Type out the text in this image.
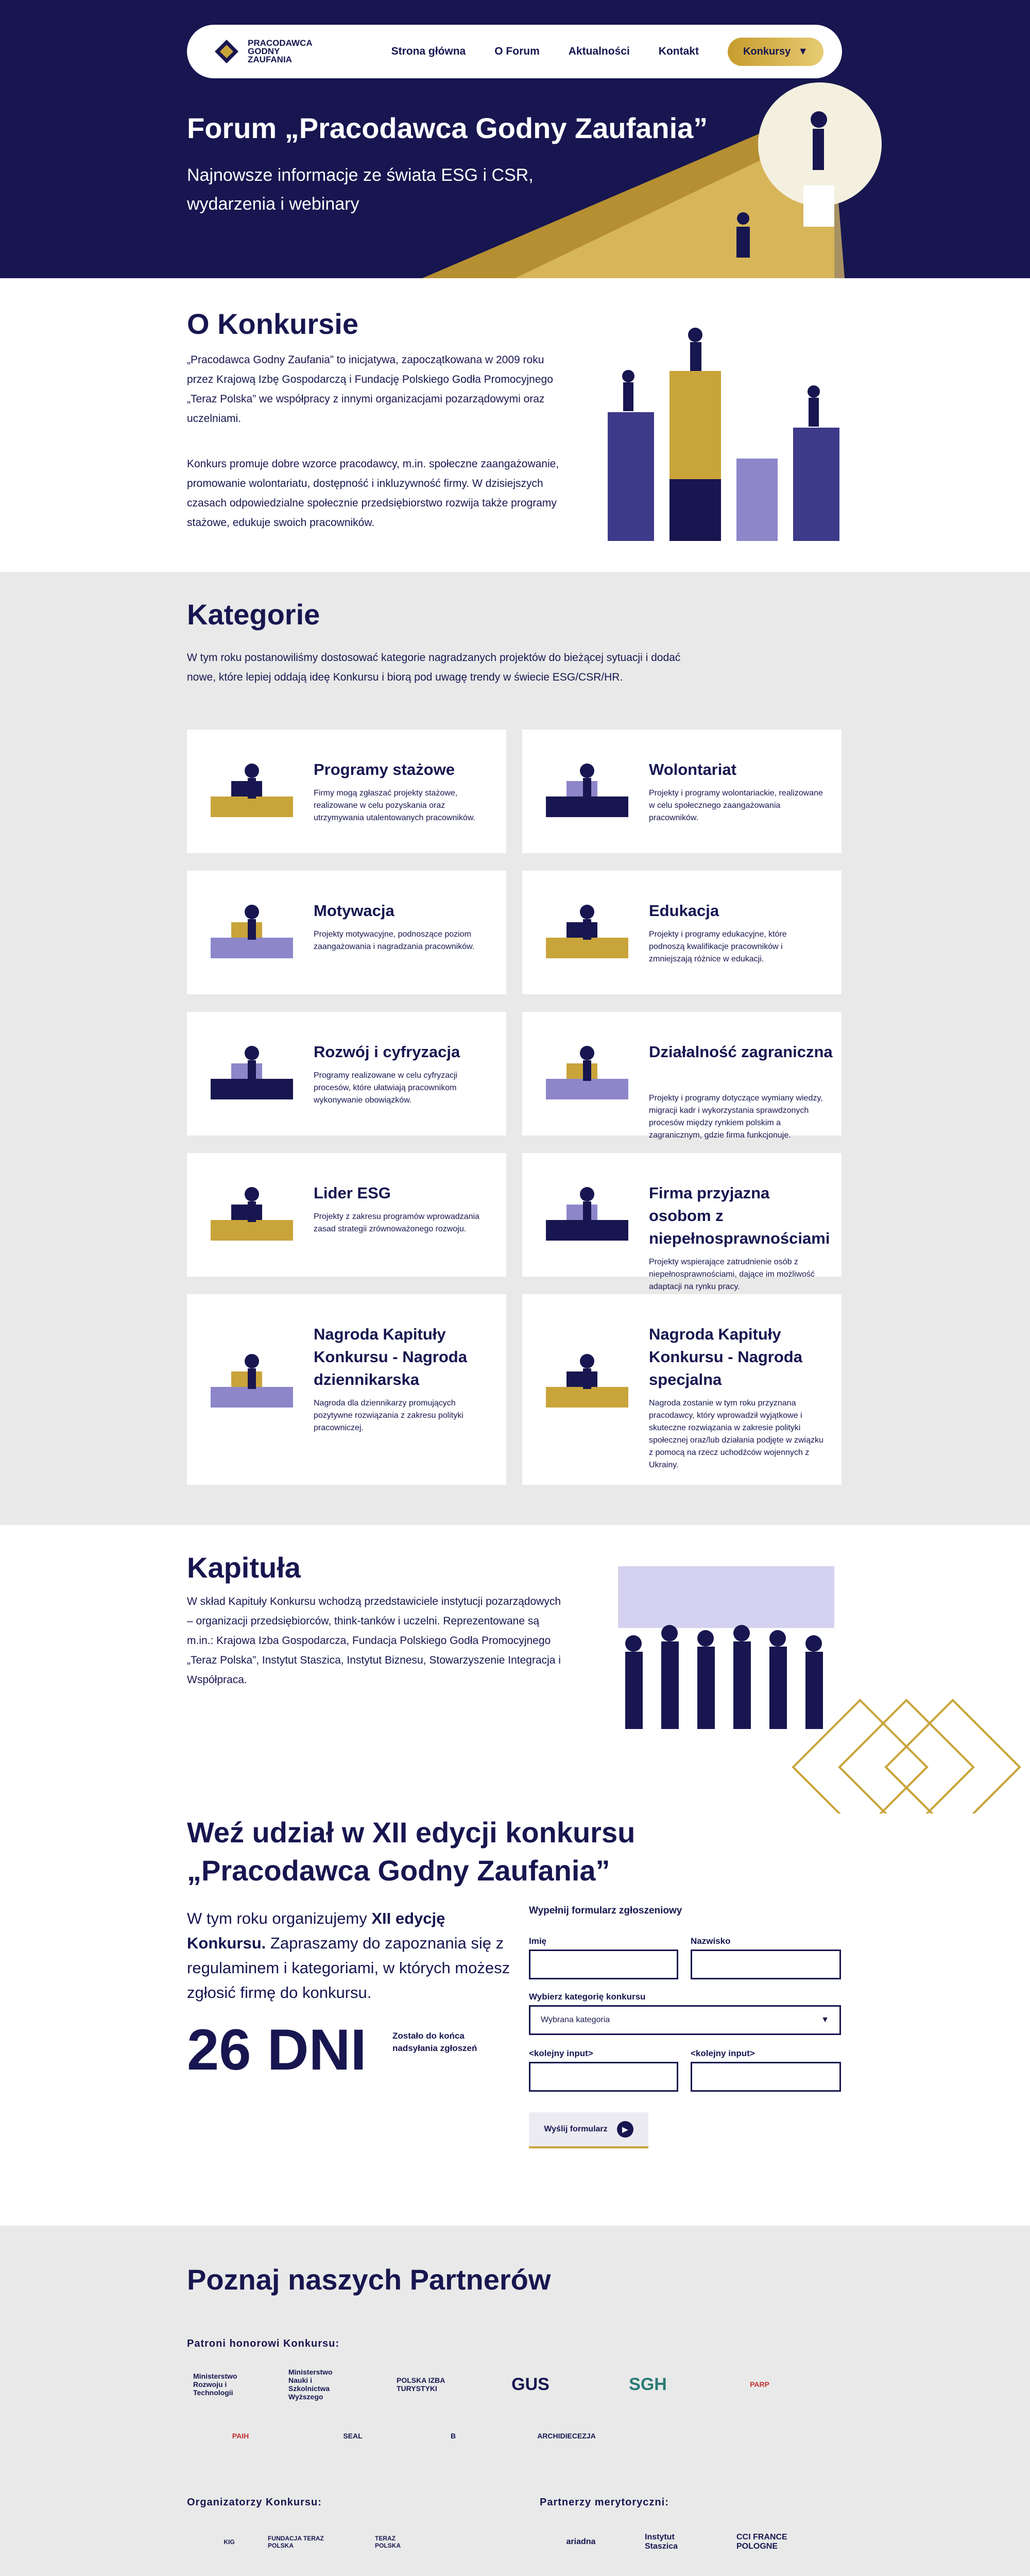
PRACODAWCA GODNY ZAUFANIA
Strona główna	O Forum	Aktualności	Kontakt	Konkursy ▼
Forum „Pracodawca Godny Zaufania”
Najnowsze informacje ze świata ESG i CSR, wydarzenia i webinary
O Konkursie

„Pracodawca Godny Zaufania” to inicjatywa, zapoczątkowana w 2009 roku przez Krajową Izbę Gospodarczą i Fundację Polskiego Godła Promocyjnego „Teraz Polska” we współpracy z innymi organizacjami pozarządowymi oraz uczelniami.

Konkurs promuje dobre wzorce pracodawcy, m.in. społeczne zaangażowanie, promowanie wolontariatu, dostępność i inkluzywność firmy. W dzisiejszych czasach odpowiedzialne społecznie przedsiębiorstwo rozwija także programy stażowe, edukuje swoich pracowników.

Kategorie

W tym roku postanowiliśmy dostosować kategorie nagradzanych projektów do bieżącej sytuacji i dodać nowe, które lepiej oddają ideę Konkursu i biorą pod uwagę trendy w świecie ESG/CSR/HR.

Programy stażowe
Firmy mogą zgłaszać projekty stażowe, realizowane w celu pozyskania oraz utrzymywania utalentowanych pracowników.
Wolontariat
Projekty i programy wolontariackie, realizowane w celu społecznego zaangażowania pracowników.
Motywacja
Projekty motywacyjne, podnoszące poziom zaangażowania i nagradzania pracowników.
Edukacja
Projekty i programy edukacyjne, które podnoszą kwalifikacje pracowników i zmniejszają różnice w edukacji.
Rozwój i cyfryzacja
Programy realizowane w celu cyfryzacji procesów, które ułatwiają pracownikom wykonywanie obowiązków.
Działalność zagraniczna
Projekty i programy dotyczące wymiany wiedzy, migracji kadr i wykorzystania sprawdzonych procesów między rynkiem polskim a zagranicznym, gdzie firma funkcjonuje.
Lider ESG
Projekty z zakresu programów wprowadzania zasad strategii zrównoważonego rozwoju.
Firma przyjazna osobom z niepełnosprawnościami
Projekty wspierające zatrudnienie osób z niepełnosprawnościami, dające im możliwość adaptacji na rynku pracy.
Nagroda Kapituły Konkursu - Nagroda dziennikarska
Nagroda dla dziennikarzy promujących pozytywne rozwiązania z zakresu polityki pracowniczej.
Nagroda Kapituły Konkursu - Nagroda specjalna
Nagroda zostanie w tym roku przyznana pracodawcy, który wprowadził wyjątkowe i skuteczne rozwiązania w zakresie polityki społecznej oraz/lub działania podjęte w związku z pomocą na rzecz uchodźców wojennych z Ukrainy.
Kapituła

W skład Kapituły Konkursu wchodzą przedstawiciele instytucji pozarządowych – organizacji przedsiębiorców, think-tanków i uczelni. Reprezentowane są m.in.: Krajowa Izba Gospodarcza, Fundacja Polskiego Godła Promocyjnego „Teraz Polska”, Instytut Staszica, Instytut Biznesu, Stowarzyszenie Integracja i Współpraca.

Weź udział w XII edycji konkursu „Pracodawca Godny Zaufania”

W tym roku organizujemy XII edycję Konkursu. Zapraszamy do zapoznania się z regulaminem i kategoriami, w których możesz zgłosić firmę do konkursu.

26 DNI	Zostało do końca nadsyłania zgłoszeń
Wypełnij formularz zgłoszeniowy
Imię	Nazwisko
Wybierz kategorię konkursu
Wybrana kategoria	▼
<kolejny input>	<kolejny input>
Wyślij formularz	▶
Poznaj naszych Partnerów
Patroni honorowi Konkursu:
Organizatorzy Konkursu:	Partnerzy merytoryczni:
Ministerstwo Rozwoju i Technologii
Ministerstwo Nauki i Szkolnictwa Wyższego
POLSKA IZBA TURYSTYKI	GUS	SGH	PARP
PAIH	SEAL	B	ARCHIDIECEZJA
KIG	FUNDACJA TERAZ POLSKA
TERAZ POLSKA	ariadna
Instytut Staszica
CCI FRANCE POLOGNE
